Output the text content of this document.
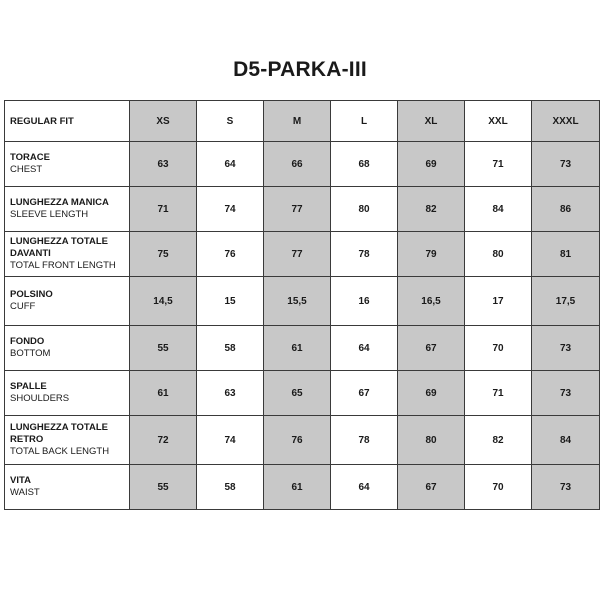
D5-PARKA-III
REGULAR FIT	XS	S	M	L	XL	XXL	XXXL

TORACE
CHEST	63	64	66	68	69	71	73

LUNGHEZZA MANICA
SLEEVE LENGTH	71	74	77	80	82	84	86

LUNGHEZZA TOTALE DAVANTI
TOTAL FRONT LENGTH	75	76	77	78	79	80	81

POLSINO
CUFF	14,5	15	15,5	16	16,5	17	17,5

FONDO
BOTTOM	55	58	61	64	67	70	73

SPALLE
SHOULDERS	61	63	65	67	69	71	73

LUNGHEZZA TOTALE RETRO
TOTAL BACK LENGTH	72	74	76	78	80	82	84

VITA
WAIST	55	58	61	64	67	70	73
